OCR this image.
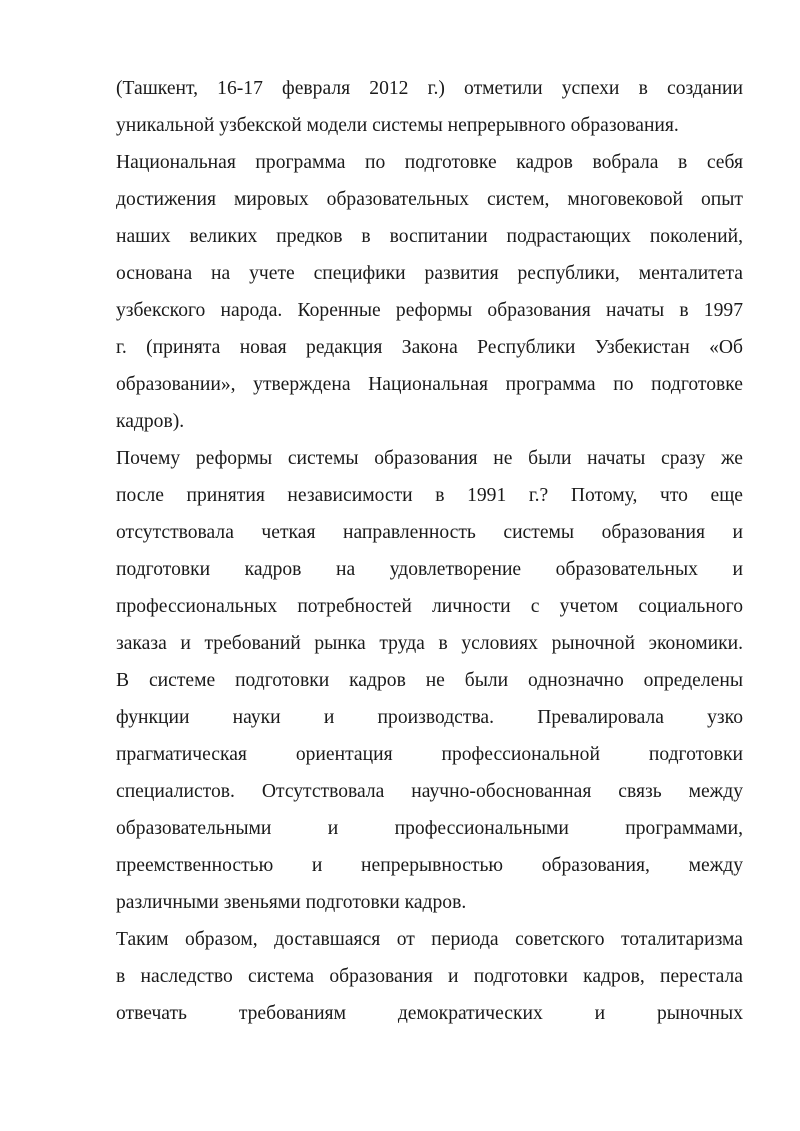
(Ташкент, 16-17 февраля 2012 г.) отметили успехи в создании
уникальной узбекской модели системы непрерывного образования.
Национальная программа по подготовке кадров вобрала в себя
достижения мировых образовательных систем, многовековой опыт
наших великих предков в воспитании подрастающих поколений,
основана на учете специфики развития республики, менталитета
узбекского народа. Коренные реформы образования начаты в 1997
г. (принята новая редакция Закона Республики Узбекистан «Об
образовании», утверждена Национальная программа по подготовке
кадров).
Почему реформы системы образования не были начаты сразу же
после принятия независимости в 1991 г.? Потому, что еще
отсутствовала четкая направленность системы образования и
подготовки кадров на удовлетворение образовательных и
профессиональных потребностей личности с учетом социального
заказа и требований рынка труда в условиях рыночной экономики.
В системе подготовки кадров не были однозначно определены
функции науки и производства. Превалировала узко
прагматическая ориентация профессиональной подготовки
специалистов. Отсутствовала научно-обоснованная связь между
образовательными и профессиональными программами,
преемственностью и непрерывностью образования, между
различными звеньями подготовки кадров.
Таким образом, доставшаяся от периода советского тоталитаризма
в наследство система образования и подготовки кадров, перестала
отвечать требованиям демократических и рыночных
